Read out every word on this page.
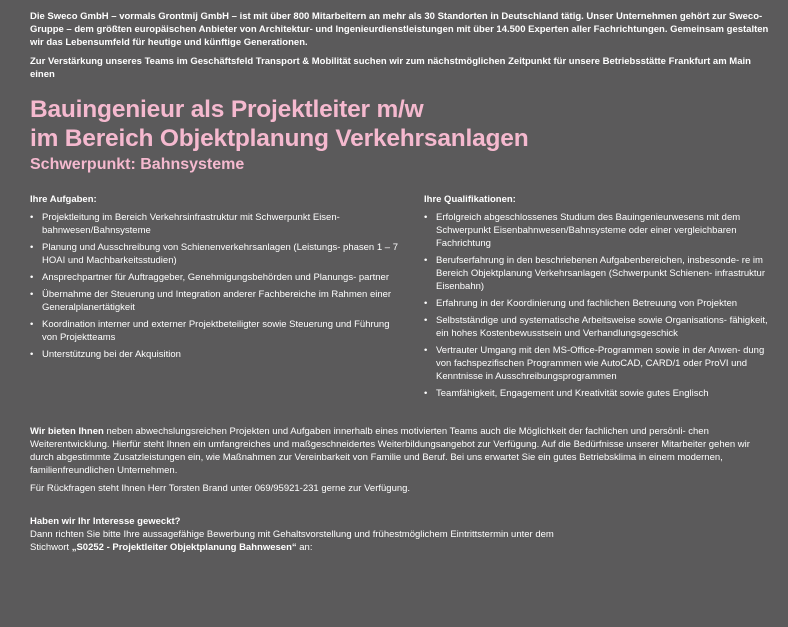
Die Sweco GmbH – vormals Grontmij GmbH – ist mit über 800 Mitarbeitern an mehr als 30 Standorten in Deutschland tätig. Unser Unternehmen gehört zur Sweco-Gruppe – dem größten europäischen Anbieter von Architektur- und Ingenieurdienstleistungen mit über 14.500 Experten aller Fachrichtungen. Gemeinsam gestalten wir das Lebensumfeld für heutige und künftige Generationen.

Zur Verstärkung unseres Teams im Geschäftsfeld Transport & Mobilität suchen wir zum nächstmöglichen Zeitpunkt für unsere Betriebsstätte Frankfurt am Main einen

Bauingenieur als Projektleiter m/w
im Bereich Objektplanung Verkehrsanlagen
Schwerpunkt: Bahnsysteme
Ihre Aufgaben:
• Projektleitung im Bereich Verkehrsinfrastruktur mit Schwerpunkt Eisen- bahnwesen/Bahnsysteme
• Planung und Ausschreibung von Schienenverkehrsanlagen (Leistungs- phasen 1 – 7 HOAI und Machbarkeitsstudien)
• Ansprechpartner für Auftraggeber, Genehmigungsbehörden und Planungs- partner
• Übernahme der Steuerung und Integration anderer Fachbereiche im Rahmen einer Generalplanertätigkeit
• Koordination interner und externer Projektbeteiligter sowie Steuerung und Führung von Projektteams
• Unterstützung bei der Akquisition
Ihre Qualifikationen:
• Erfolgreich abgeschlossenes Studium des Bauingenieurwesens mit dem Schwerpunkt Eisenbahnwesen/Bahnsysteme oder einer vergleichbaren Fachrichtung
• Berufserfahrung in den beschriebenen Aufgabenbereichen, insbesonde- re im Bereich Objektplanung Verkehrsanlagen (Schwerpunkt Schienen- infrastruktur Eisenbahn)
• Erfahrung in der Koordinierung und fachlichen Betreuung von Projekten
• Selbstständige und systematische Arbeitsweise sowie Organisations- fähigkeit, ein hohes Kostenbewusstsein und Verhandlungsgeschick
• Vertrauter Umgang mit den MS-Office-Programmen sowie in der Anwen- dung von fachspezifischen Programmen wie AutoCAD, CARD/1 oder ProVI und Kenntnisse in Ausschreibungsprogrammen
• Teamfähigkeit, Engagement und Kreativität sowie gutes Englisch

Wir bieten Ihnen neben abwechslungsreichen Projekten und Aufgaben innerhalb eines motivierten Teams auch die Möglichkeit der fachlichen und persönli- chen Weiterentwicklung. Hierfür steht Ihnen ein umfangreiches und maßgeschneidertes Weiterbildungsangebot zur Verfügung. Auf die Bedürfnisse unserer Mitarbeiter gehen wir durch abgestimmte Zusatzleistungen ein, wie Maßnahmen zur Vereinbarkeit von Familie und Beruf. Bei uns erwartet Sie ein gutes Betriebsklima in einem modernen, familienfreundlichen Unternehmen.

Für Rückfragen steht Ihnen Herr Torsten Brand unter 069/95921-231 gerne zur Verfügung.

Haben wir Ihr Interesse geweckt?

Dann richten Sie bitte Ihre aussagefähige Bewerbung mit Gehaltsvorstellung und frühestmöglichem Eintrittstermin unter dem

Stichwort „S0252 - Projektleiter Objektplanung Bahnwesen“ an:
